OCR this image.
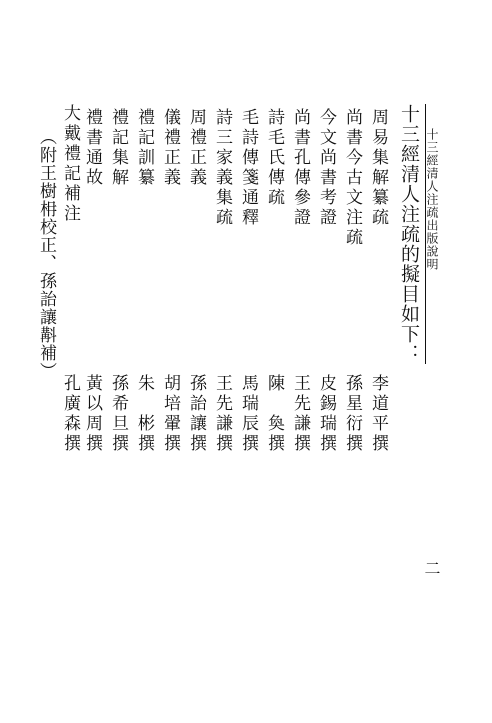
十三經清人注疏出版說明
十三經清人注疏的擬目如下：
周易集解纂疏
李道平撰
尚書今古文注疏
孫星衍撰
今文尚書考證
皮錫瑞撰
尚書孔傳參證
王先謙撰
詩毛氏傳疏
陳　奐撰
毛詩傳箋通釋
馬瑞辰撰
詩三家義集疏
王先謙撰
周禮正義
孫詒讓撰
儀禮正義
胡培翬撰
禮記訓纂
朱　彬撰
禮記集解
孫希旦撰
禮書通故
黃以周撰
大戴禮記補注
孔廣森撰
（附王樹枏校正、孫詒讓斠補）
二
